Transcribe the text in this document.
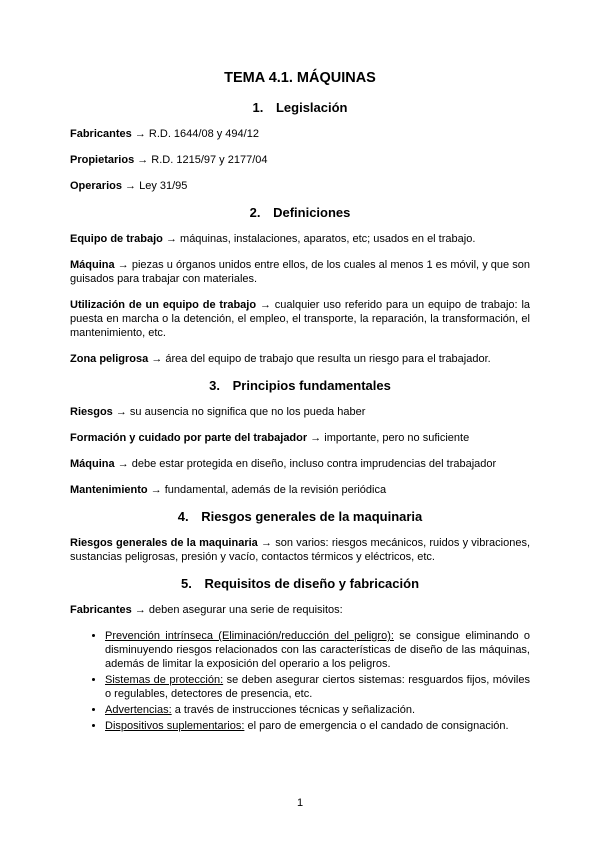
TEMA 4.1. MÁQUINAS
1. Legislación

Fabricantes → R.D. 1644/08 y 494/12

Propietarios → R.D. 1215/97 y 2177/04

Operarios → Ley 31/95

2. Definiciones

Equipo de trabajo → máquinas, instalaciones, aparatos, etc; usados en el trabajo.

Máquina → piezas u órganos unidos entre ellos, de los cuales al menos 1 es móvil, y que son guisados para trabajar con materiales.

Utilización de un equipo de trabajo → cualquier uso referido para un equipo de trabajo: la puesta en marcha o la detención, el empleo, el transporte, la reparación, la transformación, el mantenimiento, etc.

Zona peligrosa → área del equipo de trabajo que resulta un riesgo para el trabajador.

3. Principios fundamentales

Riesgos → su ausencia no significa que no los pueda haber

Formación y cuidado por parte del trabajador → importante, pero no suficiente

Máquina → debe estar protegida en diseño, incluso contra imprudencias del trabajador

Mantenimiento → fundamental, además de la revisión periódica

4. Riesgos generales de la maquinaria

Riesgos generales de la maquinaria → son varios: riesgos mecánicos, ruidos y vibraciones, sustancias peligrosas, presión y vacío, contactos térmicos y eléctricos, etc.

5. Requisitos de diseño y fabricación

Fabricantes → deben asegurar una serie de requisitos:

• Prevención intrínseca (Eliminación/reducción del peligro): se consigue eliminando o disminuyendo riesgos relacionados con las características de diseño de las máquinas, además de limitar la exposición del operario a los peligros.
• Sistemas de protección: se deben asegurar ciertos sistemas: resguardos fijos, móviles o regulables, detectores de presencia, etc.
• Advertencias: a través de instrucciones técnicas y señalización.
• Dispositivos suplementarios: el paro de emergencia o el candado de consignación.
1
